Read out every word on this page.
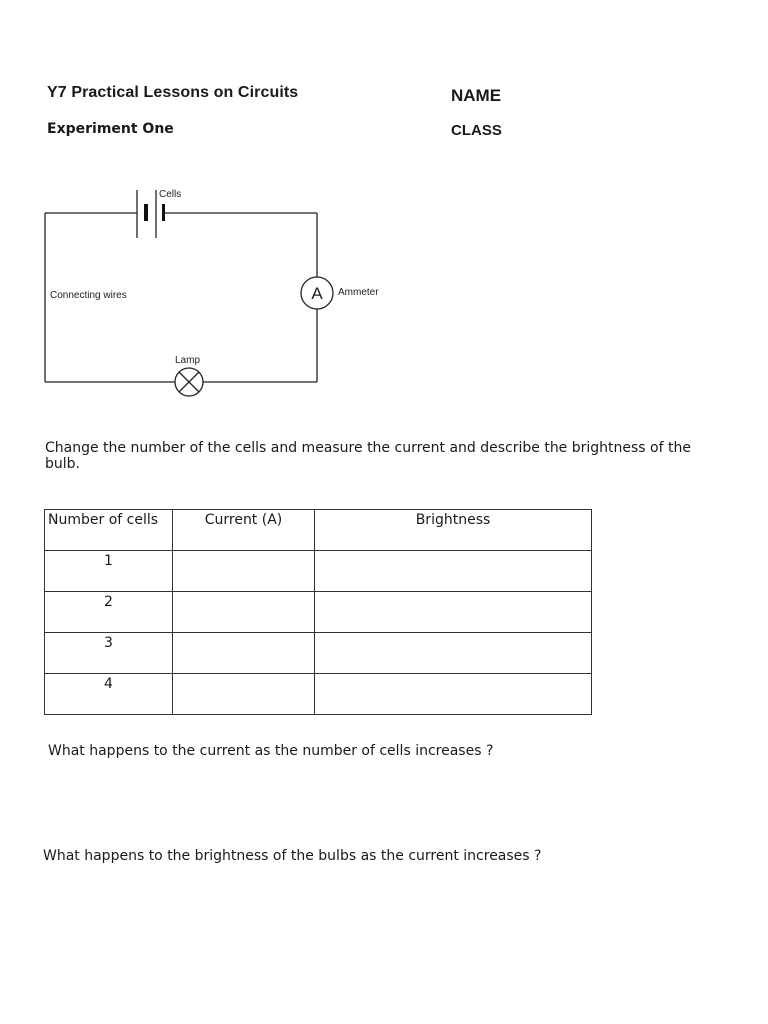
Y7 Practical Lessons on Circuits
Experiment One
NAME
CLASS
Cells
A Ammeter
Connecting wires
Lamp
Change the number of the cells and measure the current and describe the brightness of the bulb.
Number of cells	Current (A)	Brightness
1		
2		
3		
4		
What happens to the current as the number of cells increases ?
What happens to the brightness of the bulbs as the current increases ?
